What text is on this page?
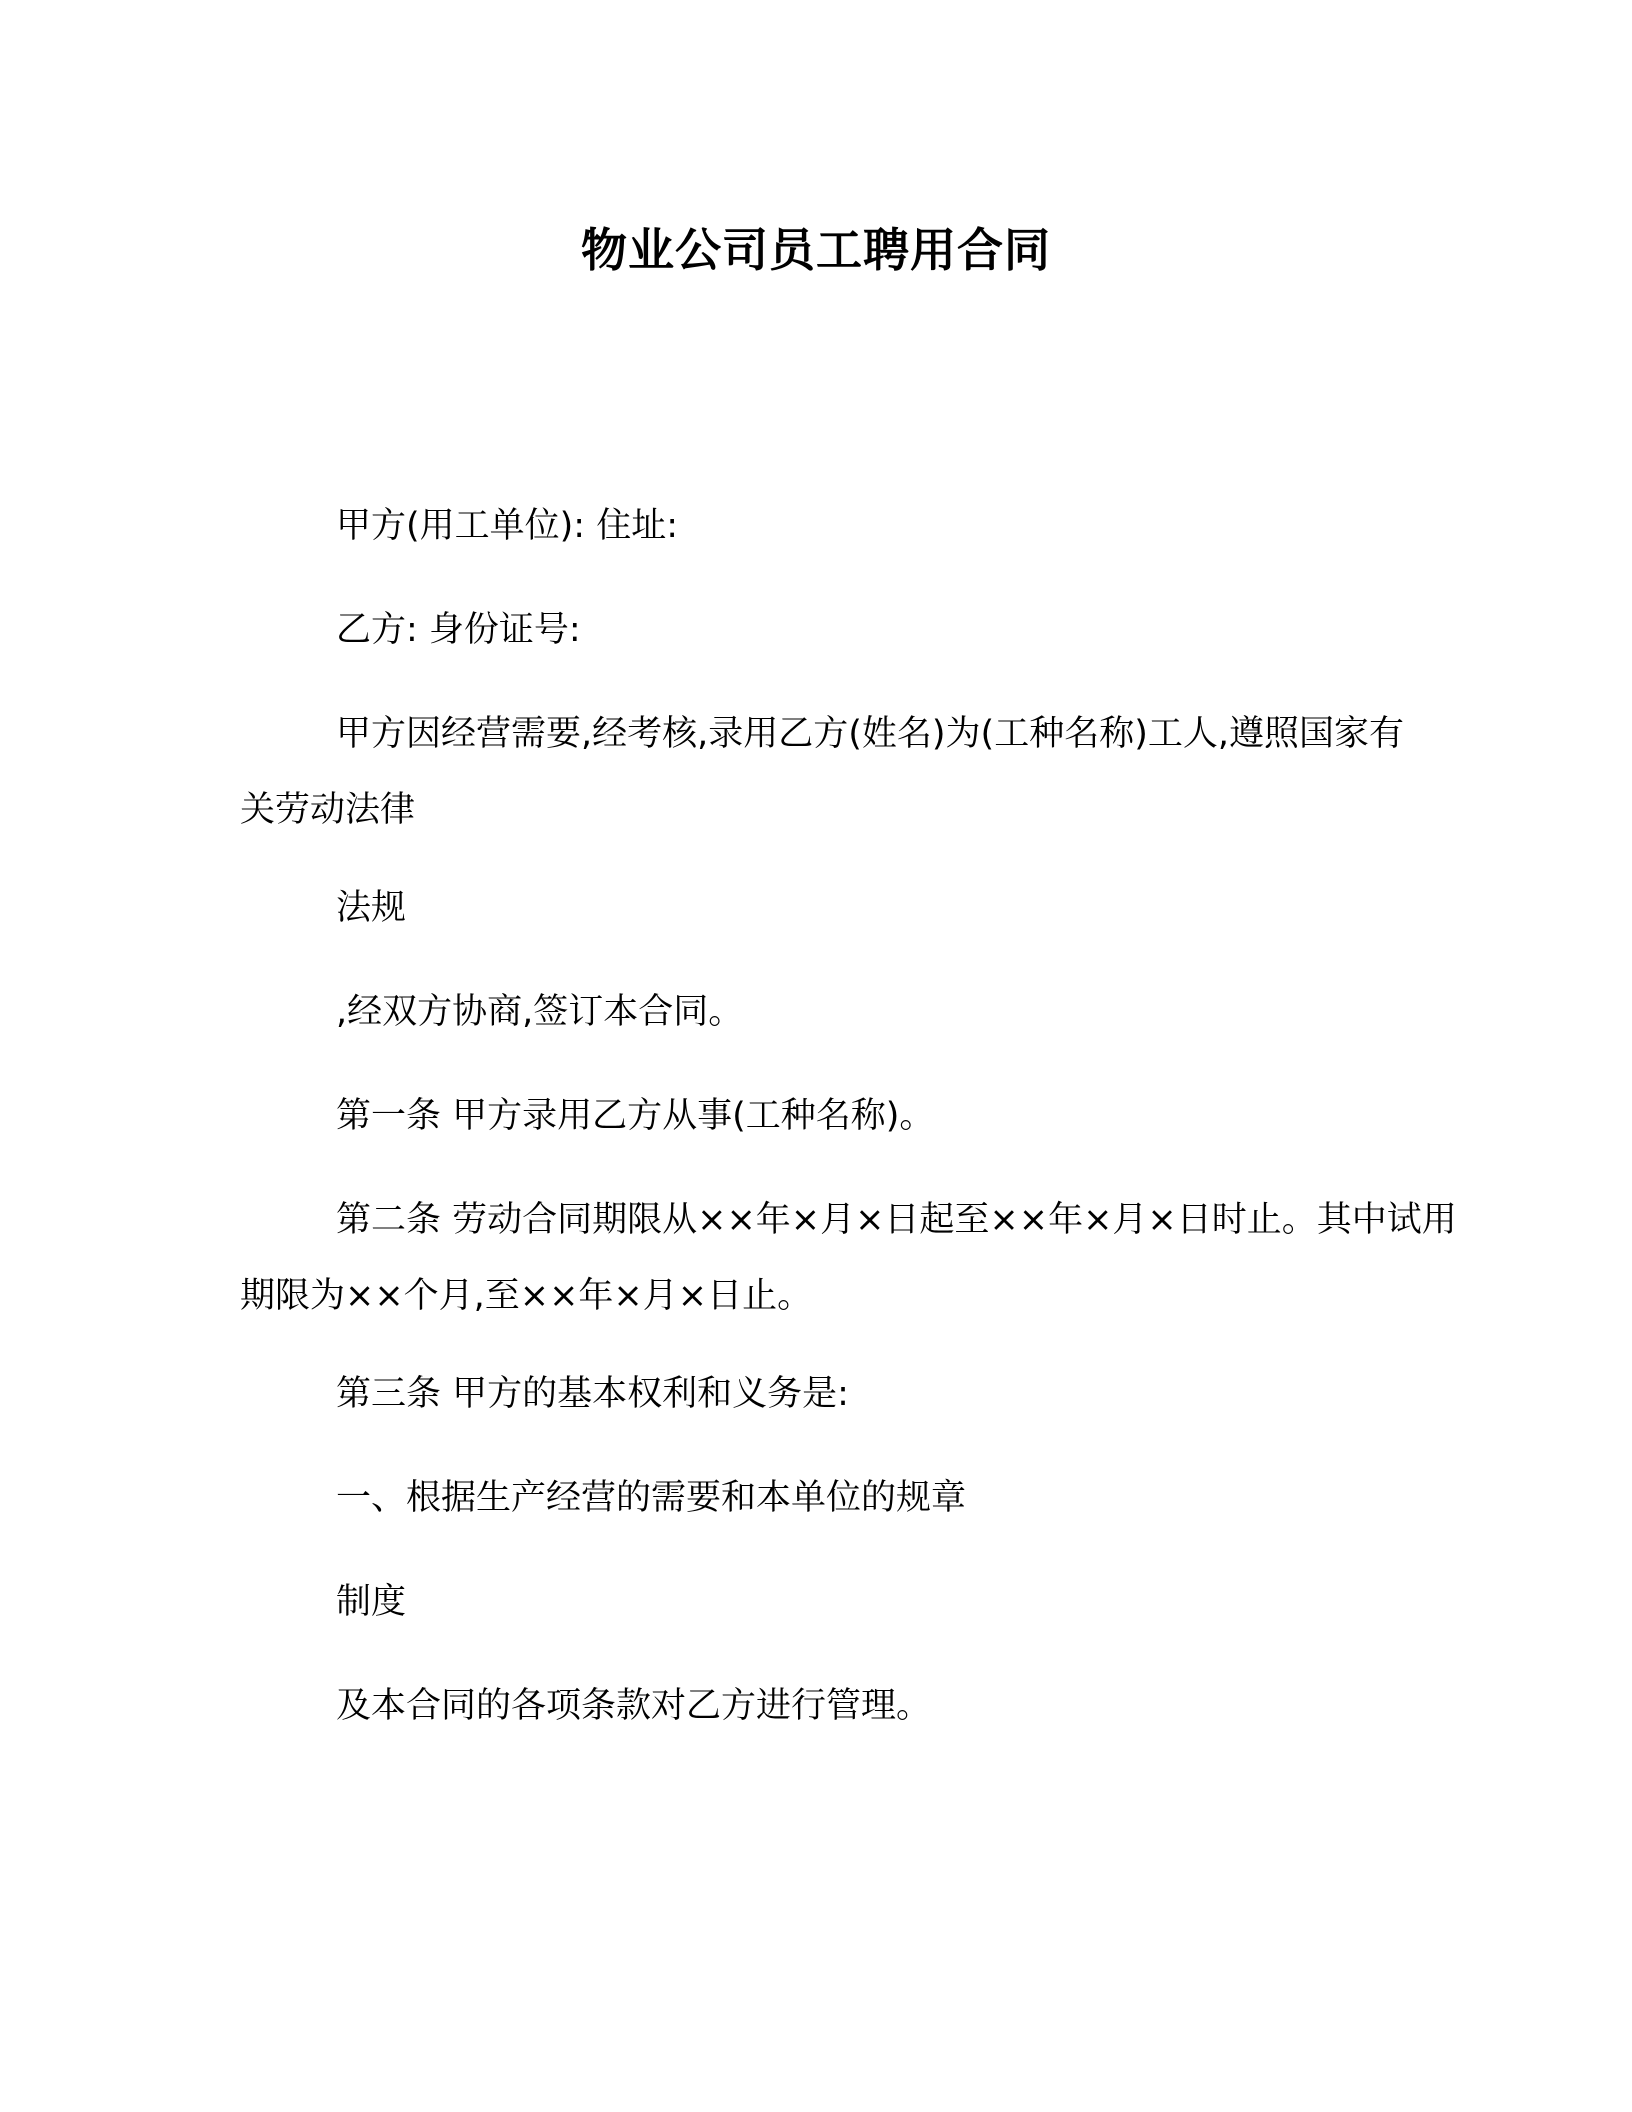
物业公司员工聘用合同
甲方(用工单位): 住址:
乙方: 身份证号:
甲方因经营需要,经考核,录用乙方(姓名)为(工种名称)工人,遵照国家有关劳动法律
法规
,经双方协商,签订本合同。
第一条 甲方录用乙方从事(工种名称)。
第二条 劳动合同期限从××年×月×日起至××年×月×日时止。其中试用期限为××个月,至××年×月×日止。
第三条 甲方的基本权利和义务是:
一、根据生产经营的需要和本单位的规章
制度
及本合同的各项条款对乙方进行管理。
